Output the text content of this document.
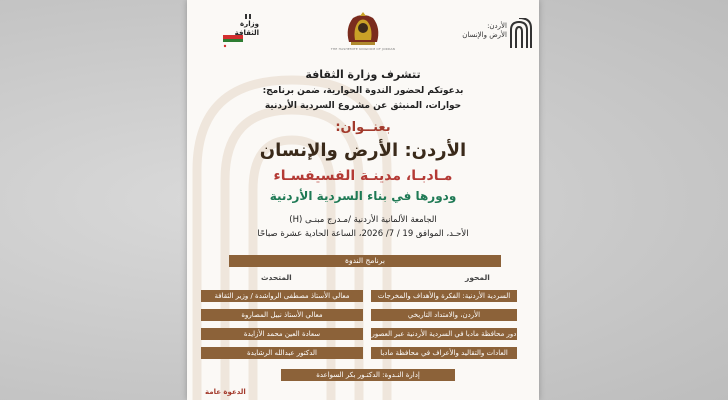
وزارة
الثقافة
THE HASHEMITE KINGDOM OF JORDAN
الأردن:
الأرض والإنسان
تتشرف وزارة الثقافة
بدعوتكم لحضور الندوة الحوارية، ضمن برنامج:
حوارات، المنبثق عن مشروع السردية الأردنية
بعنــوان:
الأردن: الأرض والإنسان
مـادبـا، مدينـة الفسيفسـاء
ودورها في بناء السردية الأردنية
الجامعة الألمانية الأردنية /مـدرج مبنـى (H)
الأحـد، الموافق 19 / 7/ 2026، الساعة الحادية عشرة صباحًا
برنامج الندوة
المحور
المتحدث
السردية الأردنية: الفكرة والأهداف والمخرجات
معالي الأستاذ مصطفى الرواشدة / وزير الثقافة
الأردن، والامتداد التاريخي
معالي الأستاذ نبيل المصاروة
دور محافظة مادبا في السردية الأردنية عبر العصور
سعادة العين محمد الأزايدة
العادات والتقاليد والأعراف في محافظة مادبا
الدكتور عبدالله الرشايدة
إدارة النـدوة: الدكتـور بكر السواعدة
الدعوة عامة
